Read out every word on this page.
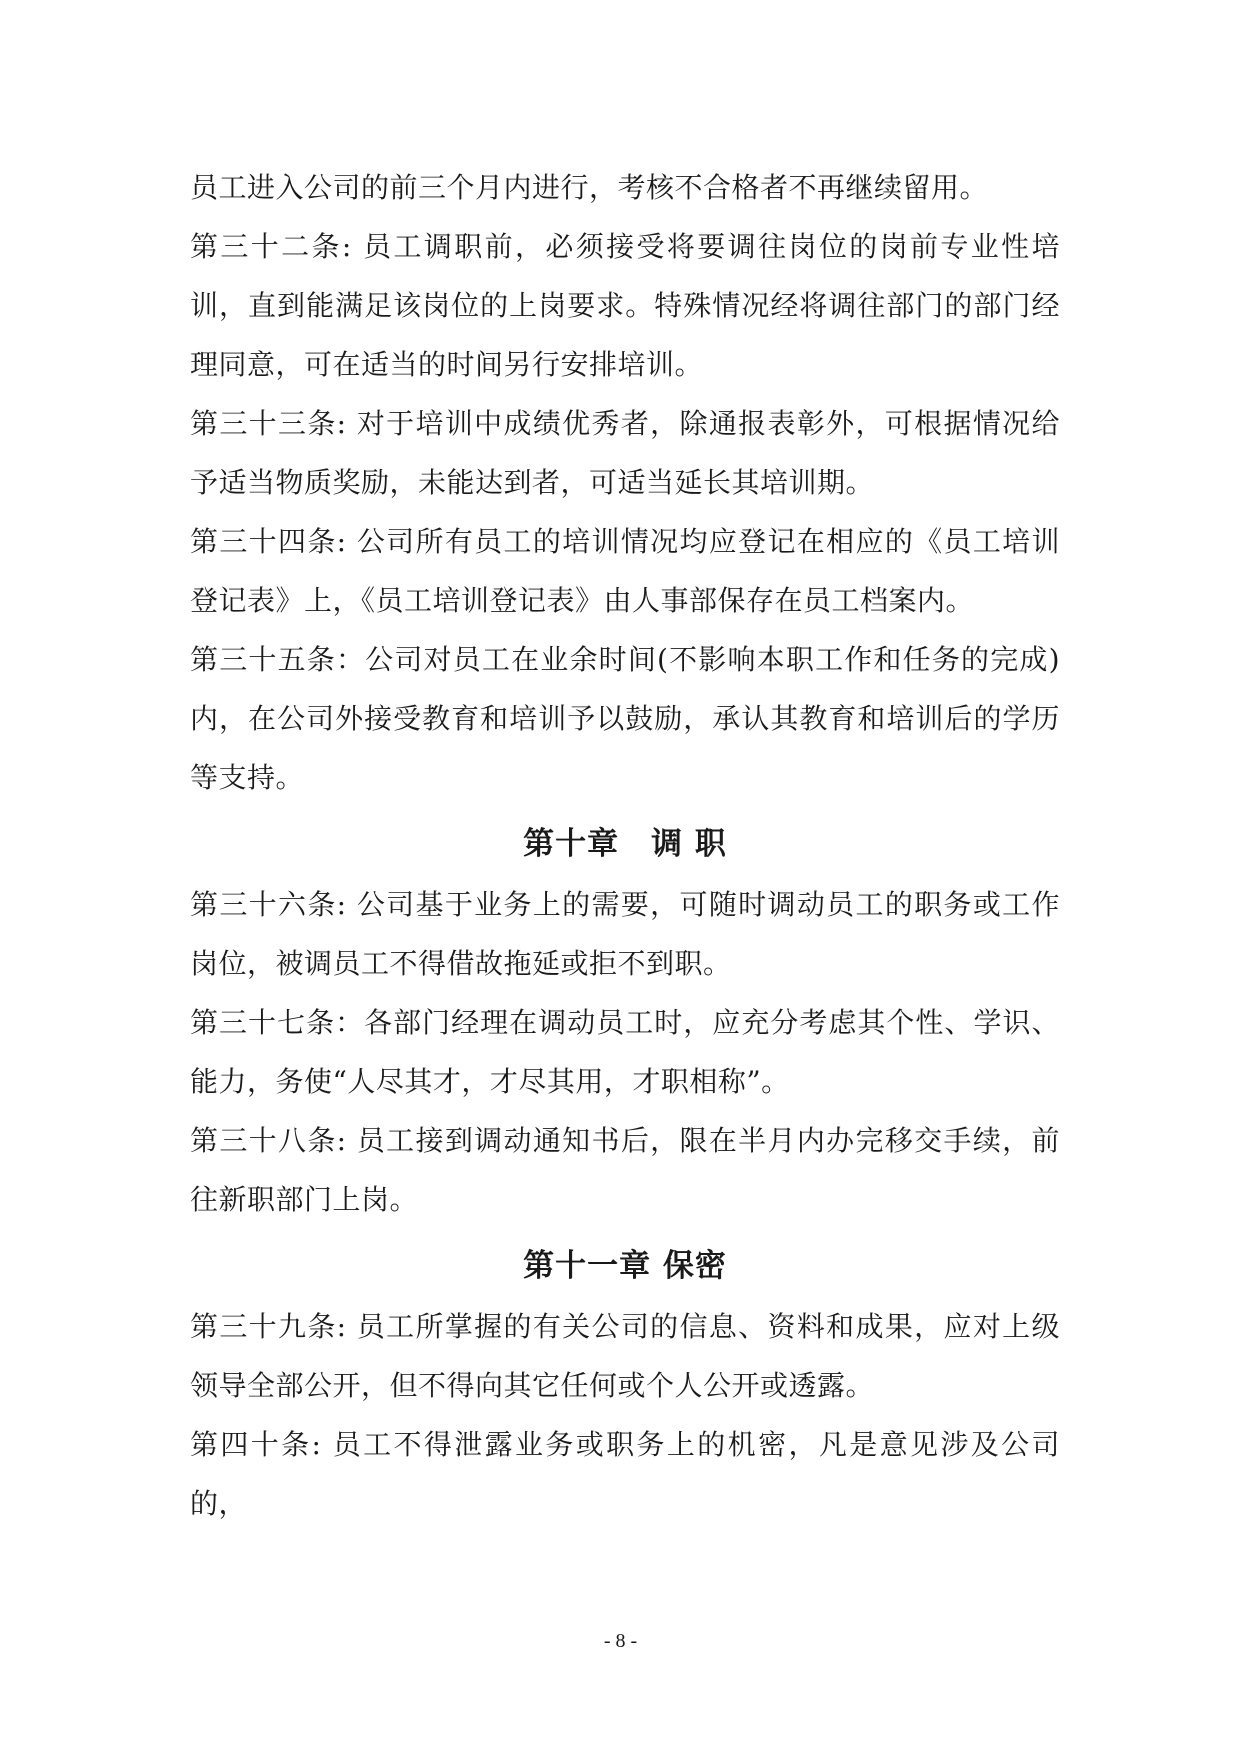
员工进入公司的前三个月内进行，考核不合格者不再继续留用。

第三十二条: 员工调职前，必须接受将要调往岗位的岗前专业性培训，直到能满足该岗位的上岗要求。特殊情况经将调往部门的部门经理同意，可在适当的时间另行安排培训。

第三十三条: 对于培训中成绩优秀者，除通报表彰外，可根据情况给予适当物质奖励，未能达到者，可适当延长其培训期。

第三十四条: 公司所有员工的培训情况均应登记在相应的《员工培训登记表》上，《员工培训登记表》由人事部保存在员工档案内。

第三十五条：公司对员工在业余时间(不影响本职工作和任务的完成)内，在公司外接受教育和培训予以鼓励，承认其教育和培训后的学历等支持。

第十章　调 职

第三十六条: 公司基于业务上的需要，可随时调动员工的职务或工作岗位，被调员工不得借故拖延或拒不到职。

第三十七条：各部门经理在调动员工时，应充分考虑其个性、学识、能力，务使“人尽其才，才尽其用，才职相称”。

第三十八条: 员工接到调动通知书后，限在半月内办完移交手续，前往新职部门上岗。

第十一章 保密

第三十九条: 员工所掌握的有关公司的信息、资料和成果，应对上级领导全部公开，但不得向其它任何或个人公开或透露。

第四十条: 员工不得泄露业务或职务上的机密，凡是意见涉及公司的，

- 8 -
